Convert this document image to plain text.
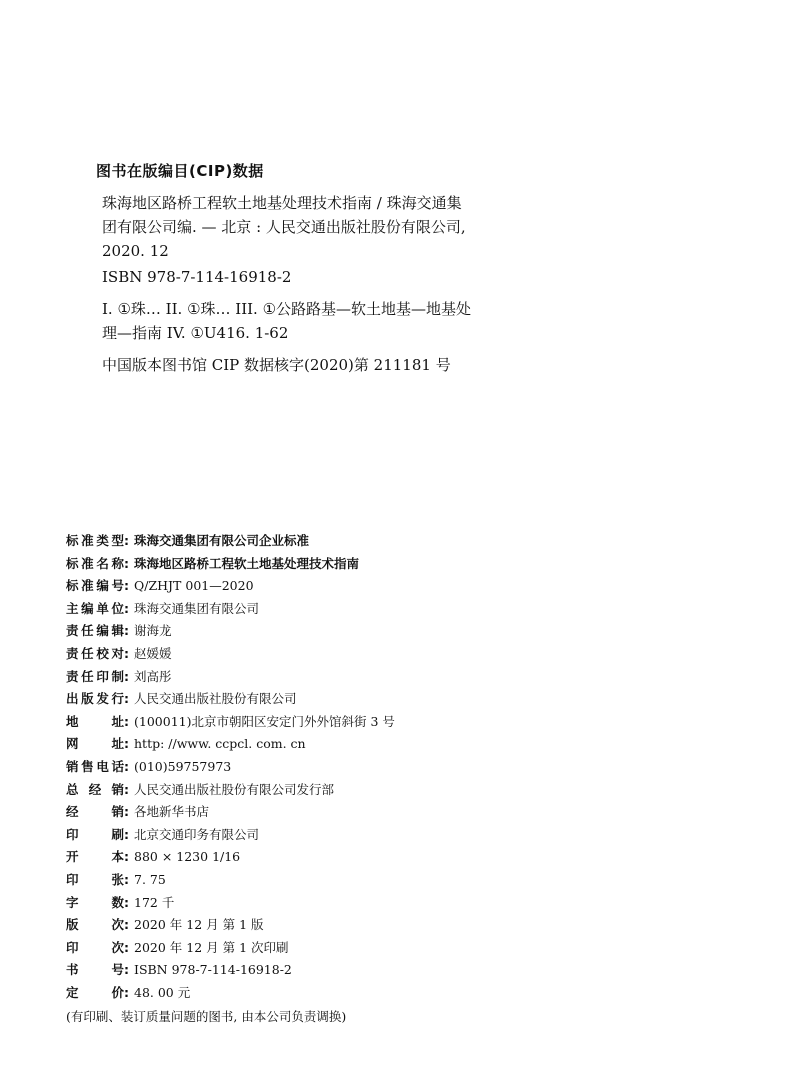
图书在版编目(CIP)数据

珠海地区路桥工程软土地基处理技术指南 / 珠海交通集团有限公司编. — 北京 : 人民交通出版社股份有限公司, 2020. 12

ISBN 978-7-114-16918-2

I. ①珠… II. ①珠… III. ①公路路基—软土地基—地基处理—指南 IV. ①U416. 1-62

中国版本图书馆 CIP 数据核字(2020)第 211181 号

标准类型 : 珠海交通集团有限公司企业标准
标准名称 : 珠海地区路桥工程软土地基处理技术指南
标准编号 : Q/ZHJT 001—2020
主编单位 : 珠海交通集团有限公司
责任编辑 : 谢海龙
责任校对 : 赵媛媛
责任印制 : 刘高彤
出版发行 : 人民交通出版社股份有限公司
地址 : (100011)北京市朝阳区安定门外外馆斜街 3 号
网址 : http: //www. ccpcl. com. cn
销售电话 : (010)59757973
总经销 : 人民交通出版社股份有限公司发行部
经销 : 各地新华书店
印刷 : 北京交通印务有限公司
开本 : 880 × 1230 1/16
印张 : 7. 75
字数 : 172 千
版次 : 2020 年 12 月 第 1 版
印次 : 2020 年 12 月 第 1 次印刷
书号 : ISBN 978-7-114-16918-2
定价 : 48. 00 元
(有印刷、装订质量问题的图书, 由本公司负责调换)
